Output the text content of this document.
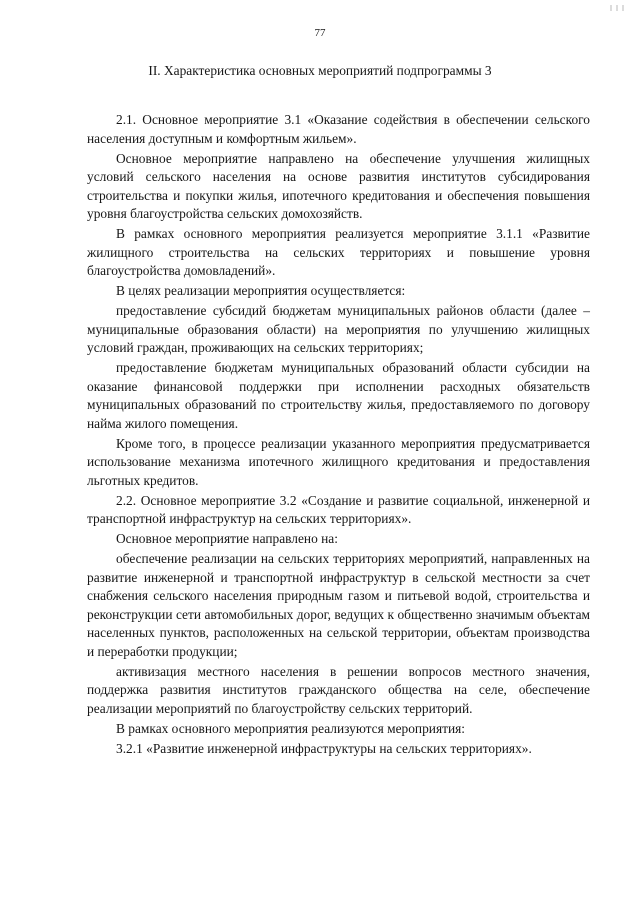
77
II. Характеристика основных мероприятий подпрограммы 3

2.1. Основное мероприятие 3.1 «Оказание содействия в обеспечении сельского населения доступным и комфортным жильем».

Основное мероприятие направлено на обеспечение улучшения жилищных условий сельского населения на основе развития институтов субсидирования строительства и покупки жилья, ипотечного кредитования и обеспечения повышения уровня благоустройства сельских домохозяйств.

В рамках основного мероприятия реализуется мероприятие 3.1.1 «Развитие жилищного строительства на сельских территориях и повышение уровня благоустройства домовладений».

В целях реализации мероприятия осуществляется:

предоставление субсидий бюджетам муниципальных районов области (далее – муниципальные образования области) на мероприятия по улучшению жилищных условий граждан, проживающих на сельских территориях;

предоставление бюджетам муниципальных образований области субсидии на оказание финансовой поддержки при исполнении расходных обязательств муниципальных образований по строительству жилья, предоставляемого по договору найма жилого помещения.

Кроме того, в процессе реализации указанного мероприятия предусматривается использование механизма ипотечного жилищного кредитования и предоставления льготных кредитов.

2.2. Основное мероприятие 3.2 «Создание и развитие социальной, инженерной и транспортной инфраструктур на сельских территориях».

Основное мероприятие направлено на:

обеспечение реализации на сельских территориях мероприятий, направленных на развитие инженерной и транспортной инфраструктур в сельской местности за счет снабжения сельского населения природным газом и питьевой водой, строительства и реконструкции сети автомобильных дорог, ведущих к общественно значимым объектам населенных пунктов, расположенных на сельской территории, объектам производства и переработки продукции;

активизация местного населения в решении вопросов местного значения, поддержка развития институтов гражданского общества на селе, обеспечение реализации мероприятий по благоустройству сельских территорий.

В рамках основного мероприятия реализуются мероприятия:

3.2.1 «Развитие инженерной инфраструктуры на сельских территориях».
